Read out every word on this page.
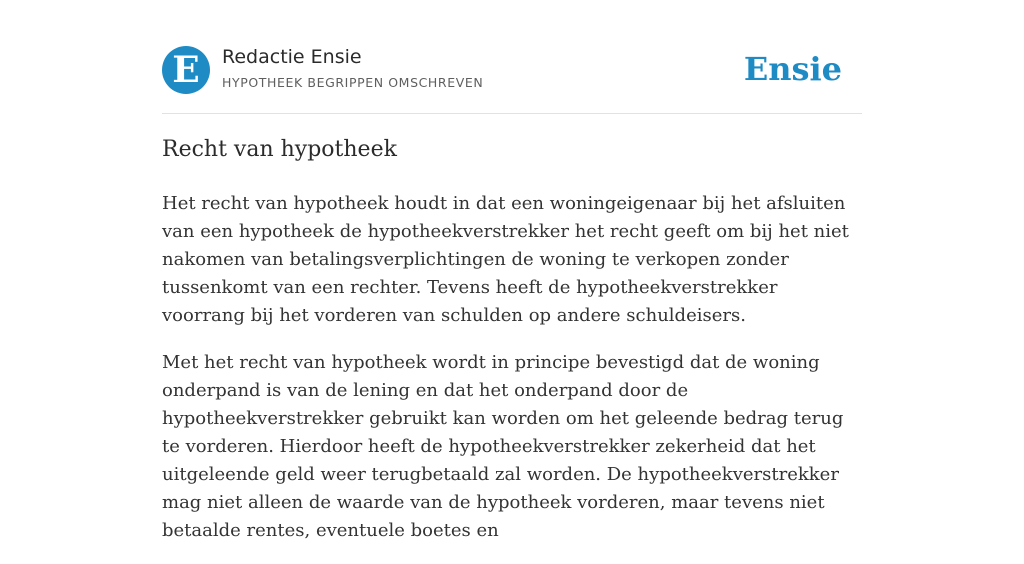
E	Redactie Ensie
HYPOTHEEK BEGRIPPEN OMSCHREVEN	Ensie
Recht van hypotheek

Het recht van hypotheek houdt in dat een woningeigenaar bij het afsluiten van een hypotheek de hypotheekverstrekker het recht geeft om bij het niet nakomen van betalingsverplichtingen de woning te verkopen zonder tussenkomt van een rechter. Tevens heeft de hypotheekverstrekker voorrang bij het vorderen van schulden op andere schuldeisers.

Met het recht van hypotheek wordt in principe bevestigd dat de woning onderpand is van de lening en dat het onderpand door de hypotheekverstrekker gebruikt kan worden om het geleende bedrag terug te vorderen. Hierdoor heeft de hypotheekverstrekker zekerheid dat het uitgeleende geld weer terugbetaald zal worden. De hypotheekverstrekker mag niet alleen de waarde van de hypotheek vorderen, maar tevens niet betaalde rentes, eventuele boetes en
